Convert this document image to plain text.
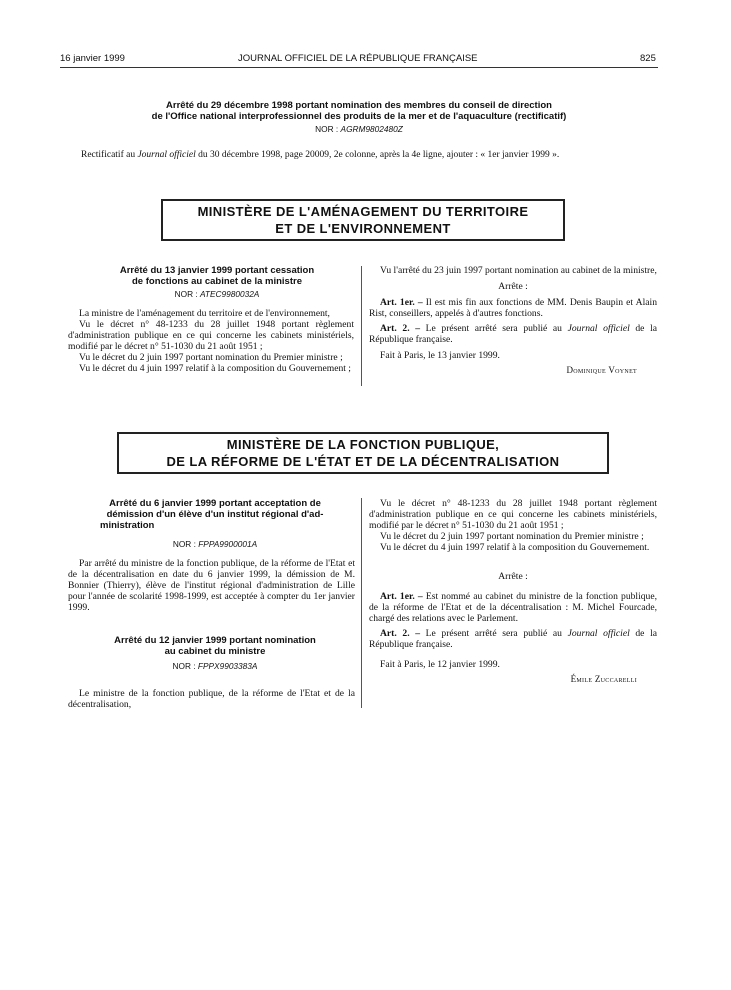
16 janvier 1999	JOURNAL OFFICIEL DE LA RÉPUBLIQUE FRANÇAISE	825
Arrêté du 29 décembre 1998 portant nomination des membres du conseil de direction
de l'Office national interprofessionnel des produits de la mer et de l'aquaculture (rectificatif)
NOR : AGRM9802480Z
Rectificatif au Journal officiel du 30 décembre 1998, page 20009, 2e colonne, après la 4e ligne, ajouter : « 1er janvier 1999 ».
MINISTÈRE DE L'AMÉNAGEMENT DU TERRITOIRE
ET DE L'ENVIRONNEMENT
Arrêté du 13 janvier 1999 portant cessation
de fonctions au cabinet de la ministre
NOR : ATEC9980032A

La ministre de l'aménagement du territoire et de l'environnement,

Vu le décret n° 48-1233 du 28 juillet 1948 portant règlement d'administration publique en ce qui concerne les cabinets ministériels, modifié par le décret n° 51-1030 du 21 août 1951 ;

Vu le décret du 2 juin 1997 portant nomination du Premier ministre ;

Vu le décret du 4 juin 1997 relatif à la composition du Gouvernement ;

Vu l'arrêté du 23 juin 1997 portant nomination au cabinet de la ministre,

Arrête :

Art. 1er. – Il est mis fin aux fonctions de MM. Denis Baupin et Alain Rist, conseillers, appelés à d'autres fonctions.

Art. 2. – Le présent arrêté sera publié au Journal officiel de la République française.

Fait à Paris, le 13 janvier 1999.

Dominique Voynet

MINISTÈRE DE LA FONCTION PUBLIQUE,
DE LA RÉFORME DE L'ÉTAT ET DE LA DÉCENTRALISATION
Arrêté du 6 janvier 1999 portant acceptation de
démission d'un élève d'un institut régional d'ad-
ministration
NOR : FPPA9900001A

Par arrêté du ministre de la fonction publique, de la réforme de l'Etat et de la décentralisation en date du 6 janvier 1999, la démission de M. Bonnier (Thierry), élève de l'institut régional d'administration de Lille pour l'année de scolarité 1998-1999, est acceptée à compter du 1er janvier 1999.

Arrêté du 12 janvier 1999 portant nomination
au cabinet du ministre
NOR : FPPX9903383A

Le ministre de la fonction publique, de la réforme de l'Etat et de la décentralisation,

Vu le décret n° 48-1233 du 28 juillet 1948 portant règlement d'administration publique en ce qui concerne les cabinets ministériels, modifié par le décret n° 51-1030 du 21 août 1951 ;

Vu le décret du 2 juin 1997 portant nomination du Premier ministre ;

Vu le décret du 4 juin 1997 relatif à la composition du Gouvernement.

Arrête :

Art. 1er. – Est nommé au cabinet du ministre de la fonction publique, de la réforme de l'Etat et de la décentralisation : M. Michel Fourcade, chargé des relations avec le Parlement.

Art. 2. – Le présent arrêté sera publié au Journal officiel de la République française.

Fait à Paris, le 12 janvier 1999.

Émile Zuccarelli
